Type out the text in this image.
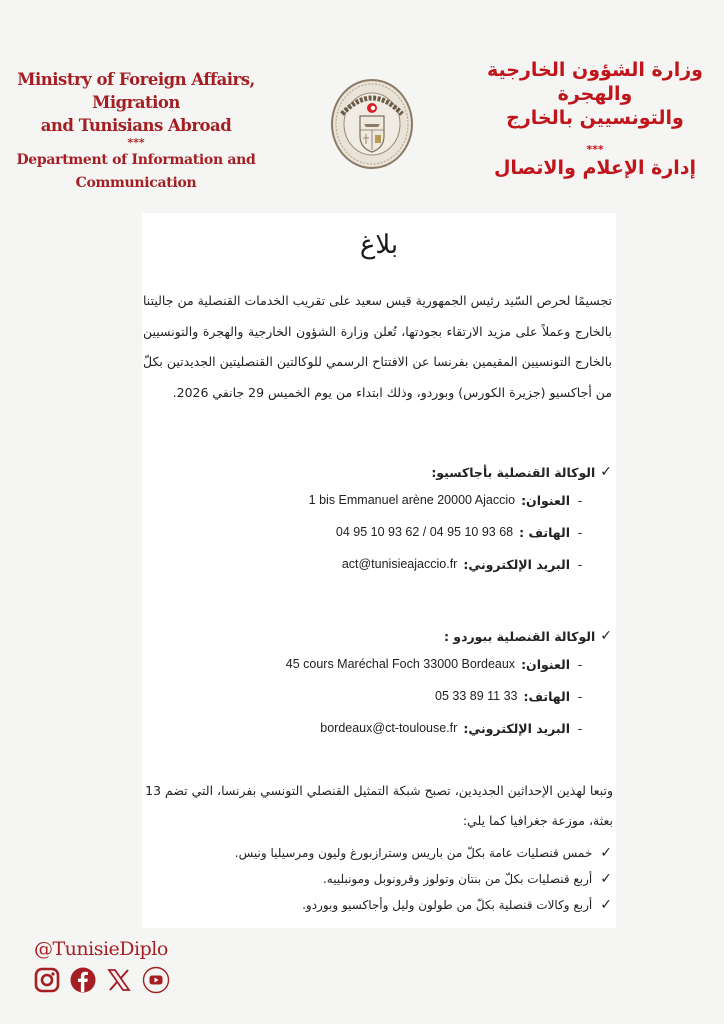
Ministry of Foreign Affairs,
Migration
and Tunisians Abroad
***
Department of Information and
Communication
وزارة الشؤون الخارجية
والهجرة
والتونسيين بالخارج
***
إدارة الإعلام والاتصال
بلاغ
تجسيمًا لحرص السّيد رئيس الجمهورية قيس سعيد على تقريب الخدمات القنصلية من جاليتنا بالخارج وعملاً على مزيد الارتقاء بجودتها، تُعلن وزارة الشؤون الخارجية والهجرة والتونسيين بالخارج التونسيين المقيمين بفرنسا عن الافتتاح الرسمي للوكالتين القنصليتين الجديدتين بكلّ من أجاكسيو (جزيرة الكورس) وبوردو، وذلك ابتداء من يوم الخميس 29 جانفي 2026.
✓
الوكالة القنصلية بأجاكسيو:
-
العنوان:
1 bis Emmanuel arène 20000 Ajaccio
-
الهاتف :
04 95 10 93 62 / 04 95 10 93 68
-
البريد الإلكتروني:
act@tunisieajaccio.fr
✓
الوكالة القنصلية ببوردو :
-
العنوان:
45 cours Maréchal Foch 33000 Bordeaux
-
الهاتف:
05 33 89 11 33
-
البريد الإلكتروني:
bordeaux@ct-toulouse.fr
وتبعا لهذين الإحداثين الجديدين، تصبح شبكة التمثيل القنصلي التونسي بفرنسا، التي تضم 13 بعثة، موزعة جغرافيا كما يلي:
✓
خمس قنصليات عامة بكلّ من باريس وسترازبورغ وليون ومرسيليا ونيس.
✓
أربع قنصليات بكلّ من بنتان وتولوز وقرونوبل ومونبلييه.
✓
أربع وكالات قنصلية بكلّ من طولون وليل وأجاكسيو وبوردو.
@TunisieDiplo
